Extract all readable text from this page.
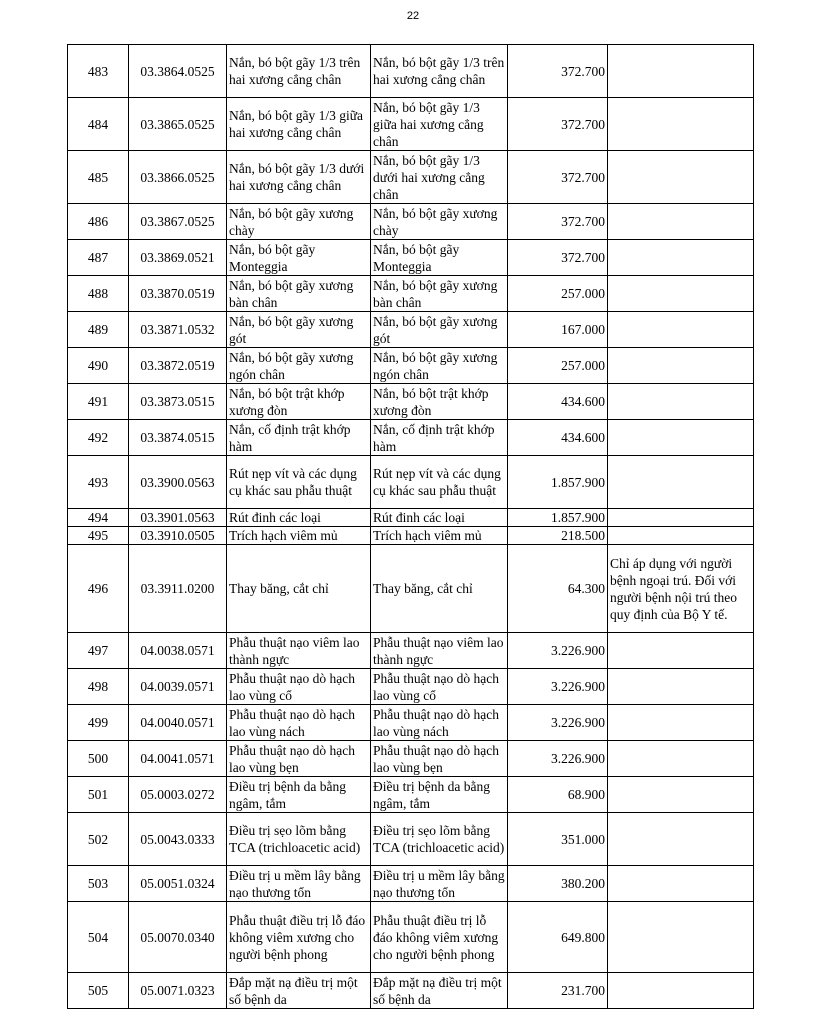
22
483	03.3864.0525	Nắn, bó bột gãy 1/3 trên hai xương cẳng chân	Nắn, bó bột gãy 1/3 trên hai xương cẳng chân	372.700	
484	03.3865.0525	Nắn, bó bột gãy 1/3 giữa hai xương cẳng chân	Nắn, bó bột gãy 1/3 giữa hai xương cẳng chân	372.700	
485	03.3866.0525	Nắn, bó bột gãy 1/3 dưới hai xương cẳng chân	Nắn, bó bột gãy 1/3 dưới hai xương cẳng chân	372.700	
486	03.3867.0525	Nắn, bó bột gãy xương chày	Nắn, bó bột gãy xương chày	372.700	
487	03.3869.0521	Nắn, bó bột gãy Monteggia	Nắn, bó bột gãy Monteggia	372.700	
488	03.3870.0519	Nắn, bó bột gãy xương bàn chân	Nắn, bó bột gãy xương bàn chân	257.000	
489	03.3871.0532	Nắn, bó bột gãy xương gót	Nắn, bó bột gãy xương gót	167.000	
490	03.3872.0519	Nắn, bó bột gãy xương ngón chân	Nắn, bó bột gãy xương ngón chân	257.000	
491	03.3873.0515	Nắn, bó bột trật khớp xương đòn	Nắn, bó bột trật khớp xương đòn	434.600	
492	03.3874.0515	Nắn, cố định trật khớp hàm	Nắn, cố định trật khớp hàm	434.600	
493	03.3900.0563	Rút nẹp vít và các dụng cụ khác sau phẫu thuật	Rút nẹp vít và các dụng cụ khác sau phẫu thuật	1.857.900	
494	03.3901.0563	Rút đinh các loại	Rút đinh các loại	1.857.900	
495	03.3910.0505	Trích hạch viêm mủ	Trích hạch viêm mủ	218.500	
496	03.3911.0200	Thay băng, cắt chỉ	Thay băng, cắt chỉ	64.300	Chỉ áp dụng với người bệnh ngoại trú. Đối với người bệnh nội trú theo quy định của Bộ Y tế.
497	04.0038.0571	Phẫu thuật nạo viêm lao thành ngực	Phẫu thuật nạo viêm lao thành ngực	3.226.900	
498	04.0039.0571	Phẫu thuật nạo dò hạch lao vùng cổ	Phẫu thuật nạo dò hạch lao vùng cổ	3.226.900	
499	04.0040.0571	Phẫu thuật nạo dò hạch lao vùng nách	Phẫu thuật nạo dò hạch lao vùng nách	3.226.900	
500	04.0041.0571	Phẫu thuật nạo dò hạch lao vùng bẹn	Phẫu thuật nạo dò hạch lao vùng bẹn	3.226.900	
501	05.0003.0272	Điều trị bệnh da bằng ngâm, tắm	Điều trị bệnh da bằng ngâm, tắm	68.900	
502	05.0043.0333	Điều trị sẹo lõm bằng TCA (trichloacetic acid)	Điều trị sẹo lõm bằng TCA (trichloacetic acid)	351.000	
503	05.0051.0324	Điều trị u mềm lây bằng nạo thương tổn	Điều trị u mềm lây bằng nạo thương tổn	380.200	
504	05.0070.0340	Phẫu thuật điều trị lỗ đáo không viêm xương cho người bệnh phong	Phẫu thuật điều trị lỗ đáo không viêm xương cho người bệnh phong	649.800	
505	05.0071.0323	Đắp mặt nạ điều trị một số bệnh da	Đắp mặt nạ điều trị một số bệnh da	231.700	
